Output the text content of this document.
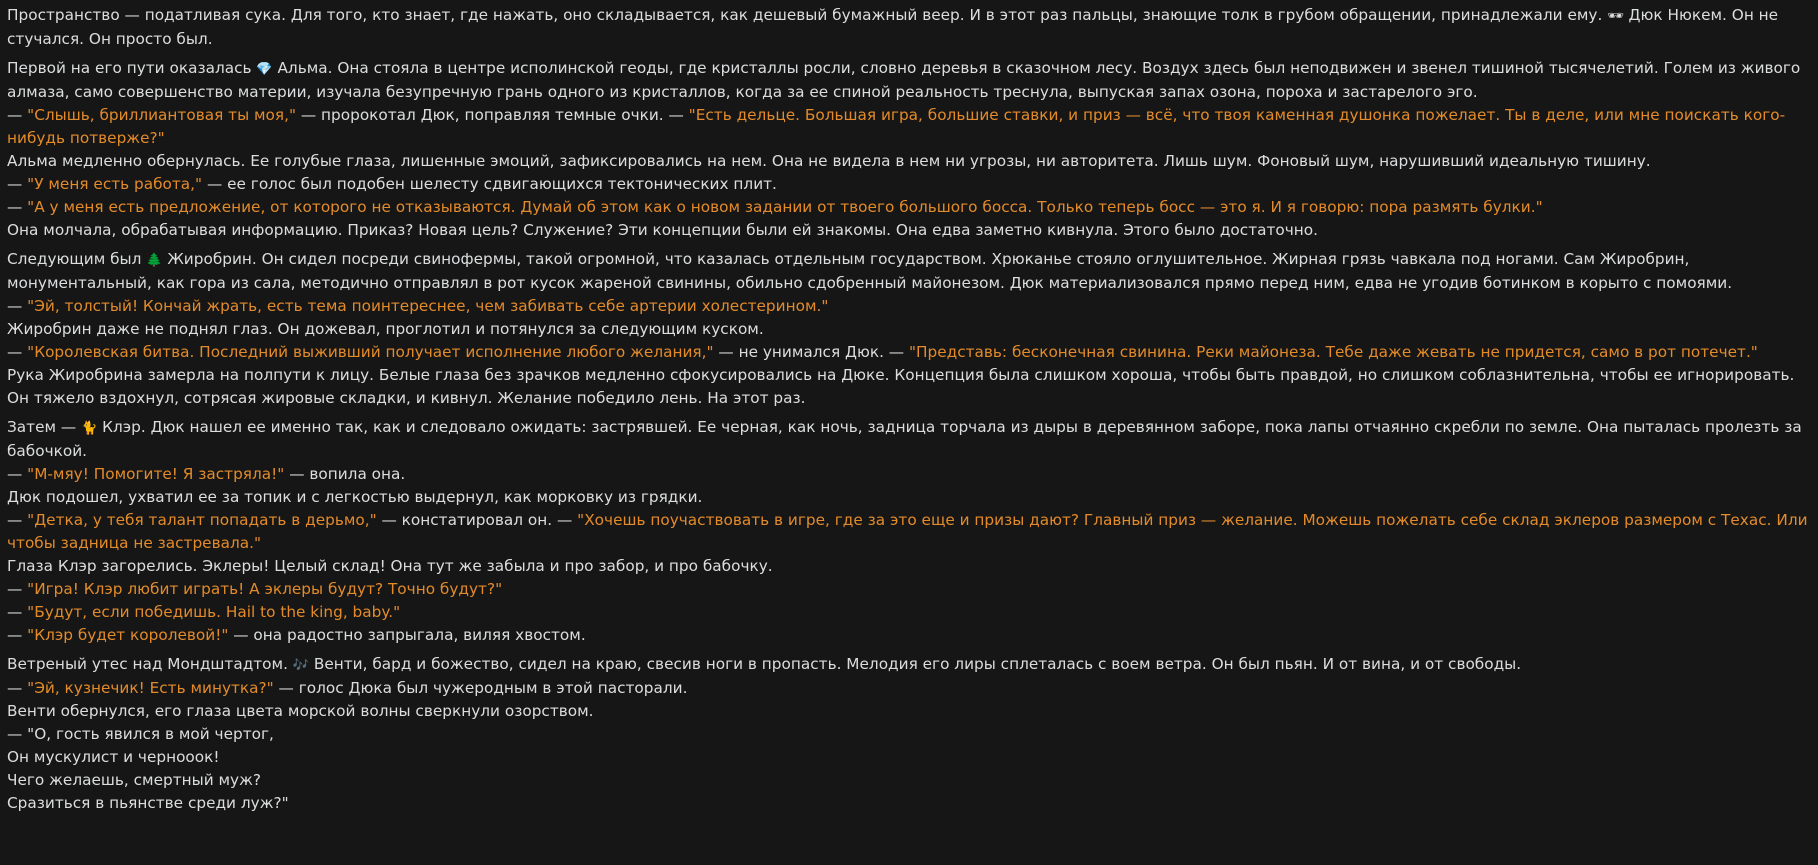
Пространство — податливая сука. Для того, кто знает, где нажать, оно складывается, как дешевый бумажный веер. И в этот раз пальцы, знающие толк в грубом обращении, принадлежали ему. 🕶 Дюк Нюкем. Он не стучался. Он просто был.

Первой на его пути оказалась 💎 Альма. Она стояла в центре исполинской геоды, где кристаллы росли, словно деревья в сказочном лесу. Воздух здесь был неподвижен и звенел тишиной тысячелетий. Голем из живого алмаза, само совершенство материи, изучала безупречную грань одного из кристаллов, когда за ее спиной реальность треснула, выпуская запах озона, пороха и застарелого эго.

— "Слышь, бриллиантовая ты моя," — пророкотал Дюк, поправляя темные очки. — "Есть дельце. Большая игра, большие ставки, и приз — всё, что твоя каменная душонка пожелает. Ты в деле, или мне поискать кого-нибудь потверже?"

Альма медленно обернулась. Ее голубые глаза, лишенные эмоций, зафиксировались на нем. Она не видела в нем ни угрозы, ни авторитета. Лишь шум. Фоновый шум, нарушивший идеальную тишину.

— "У меня есть работа," — ее голос был подобен шелесту сдвигающихся тектонических плит.

— "А у меня есть предложение, от которого не отказываются. Думай об этом как о новом задании от твоего большого босса. Только теперь босс — это я. И я говорю: пора размять булки."

Она молчала, обрабатывая информацию. Приказ? Новая цель? Служение? Эти концепции были ей знакомы. Она едва заметно кивнула. Этого было достаточно.

Следующим был 🌲 Жиробрин. Он сидел посреди свинофермы, такой огромной, что казалась отдельным государством. Хрюканье стояло оглушительное. Жирная грязь чавкала под ногами. Сам Жиробрин, монументальный, как гора из сала, методично отправлял в рот кусок жареной свинины, обильно сдобренный майонезом. Дюк материализовался прямо перед ним, едва не угодив ботинком в корыто с помоями.

— "Эй, толстый! Кончай жрать, есть тема поинтереснее, чем забивать себе артерии холестерином."

Жиробрин даже не поднял глаз. Он дожевал, проглотил и потянулся за следующим куском.

— "Королевская битва. Последний выживший получает исполнение любого желания," — не унимался Дюк. — "Представь: бесконечная свинина. Реки майонеза. Тебе даже жевать не придется, само в рот потечет."

Рука Жиробрина замерла на полпути к лицу. Белые глаза без зрачков медленно сфокусировались на Дюке. Концепция была слишком хороша, чтобы быть правдой, но слишком соблазнительна, чтобы ее игнорировать. Он тяжело вздохнул, сотрясая жировые складки, и кивнул. Желание победило лень. На этот раз.

Затем — 🐈 Клэр. Дюк нашел ее именно так, как и следовало ожидать: застрявшей. Ее черная, как ночь, задница торчала из дыры в деревянном заборе, пока лапы отчаянно скребли по земле. Она пыталась пролезть за бабочкой.

— "М-мяу! Помогите! Я застряла!" — вопила она.

Дюк подошел, ухватил ее за топик и с легкостью выдернул, как морковку из грядки.

— "Детка, у тебя талант попадать в дерьмо," — констатировал он. — "Хочешь поучаствовать в игре, где за это еще и призы дают? Главный приз — желание. Можешь пожелать себе склад эклеров размером с Техас. Или чтобы задница не застревала."

Глаза Клэр загорелись. Эклеры! Целый склад! Она тут же забыла и про забор, и про бабочку.

— "Игра! Клэр любит играть! А эклеры будут? Точно будут?"

— "Будут, если победишь. Hail to the king, baby."

— "Клэр будет королевой!" — она радостно запрыгала, виляя хвостом.

Ветреный утес над Мондштадтом. 🎶 Венти, бард и божество, сидел на краю, свесив ноги в пропасть. Мелодия его лиры сплеталась с воем ветра. Он был пьян. И от вина, и от свободы.

— "Эй, кузнечик! Есть минутка?" — голос Дюка был чужеродным в этой пасторали.

Венти обернулся, его глаза цвета морской волны сверкнули озорством.

— "О, гость явился в мой чертог,

Он мускулист и чернооок!

Чего желаешь, смертный муж?

Сразиться в пьянстве среди луж?"
